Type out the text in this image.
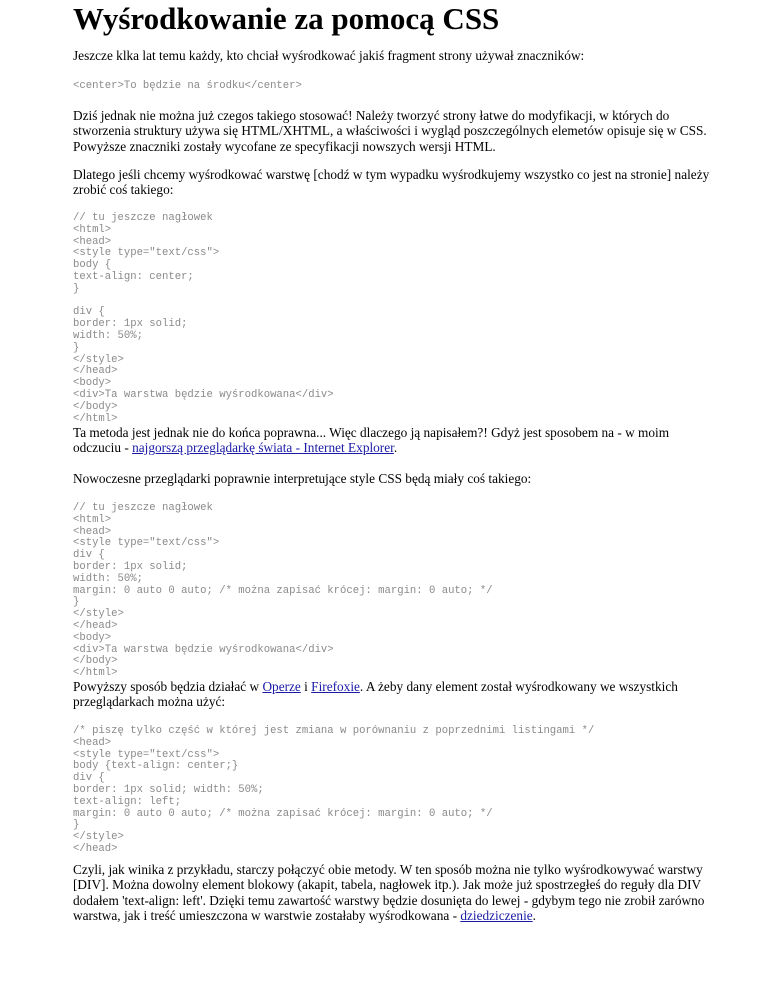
Wyśrodkowanie za pomocą CSS

Jeszcze klka lat temu każdy, kto chciał wyśrodkować jakiś fragment strony używał znaczników:

<center>To będzie na środku</center>

Dziś jednak nie można już czegos takiego stosować! Należy tworzyć strony łatwe do modyfikacji, w których do stworzenia struktury używa się HTML/XHTML, a właściwości i wygląd poszczególnych elemetów opisuje się w CSS. Powyższe znaczniki zostały wycofane ze specyfikacji nowszych wersji HTML.

Dlatego jeśli chcemy wyśrodkować warstwę [chodź w tym wypadku wyśrodkujemy wszystko co jest na stronie] należy zrobić coś takiego:

// tu jeszcze nagłowek
<html>
<head>
<style type="text/css">
body {
text-align: center;
}

div {
border: 1px solid;
width: 50%;
}
</style>
</head>
<body>
<div>Ta warstwa będzie wyśrodkowana</div>
</body>
</html>

Ta metoda jest jednak nie do końca poprawna... Więc dlaczego ją napisałem?! Gdyż jest sposobem na - w moim odczuciu - najgorszą przeglądarkę świata - Internet Explorer.

Nowoczesne przeglądarki poprawnie interpretujące style CSS będą miały coś takiego:

// tu jeszcze nagłowek
<html>
<head>
<style type="text/css">
div {
border: 1px solid;
width: 50%;
margin: 0 auto 0 auto; /* można zapisać krócej: margin: 0 auto; */
}
</style>
</head>
<body>
<div>Ta warstwa będzie wyśrodkowana</div>
</body>
</html>

Powyższy sposób będzia działać w Operze i Firefoxie. A żeby dany element został wyśrodkowany we wszystkich przeglądarkach można użyć:

/* piszę tylko część w której jest zmiana w porównaniu z poprzednimi listingami */
<head>
<style type="text/css">
body {text-align: center;}
div {
border: 1px solid; width: 50%;
text-align: left;
margin: 0 auto 0 auto; /* można zapisać krócej: margin: 0 auto; */
}
</style>
</head>

Czyli, jak winika z przykładu, starczy połączyć obie metody. W ten sposób można nie tylko wyśrodkowywać warstwy [DIV]. Można dowolny element blokowy (akapit, tabela, nagłowek itp.). Jak może już spostrzegłeś do reguły dla DIV dodałem 'text-align: left'. Dzięki temu zawartość warstwy będzie dosunięta do lewej - gdybym tego nie zrobił zarówno warstwa, jak i treść umieszczona w warstwie zostałaby wyśrodkowana - dziedziczenie.
